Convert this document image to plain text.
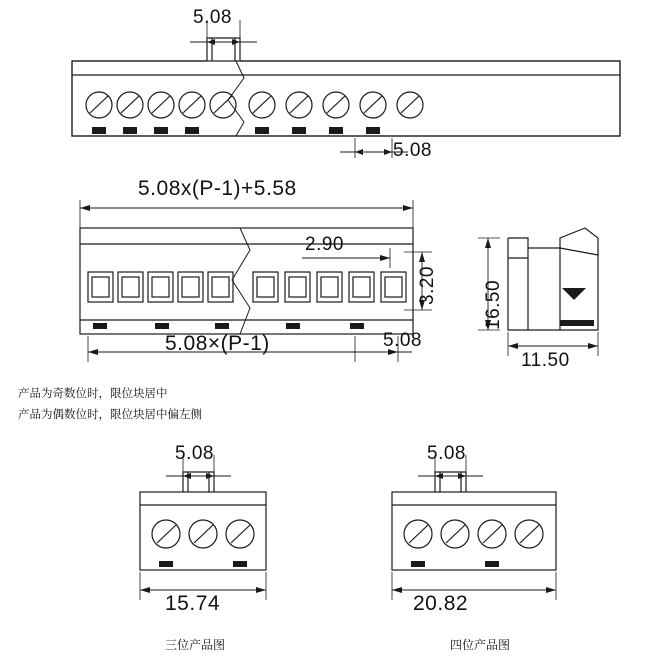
5.08
5.08
5.08x(P-1)+5.58
2.90
3.20
5.08×(P-1)	5.08
16.50
11.50
产品为奇数位时，限位块居中
产品为偶数位时，限位块居中偏左侧
5.08
15.74
三位产品图
5.08
20.82
四位产品图
